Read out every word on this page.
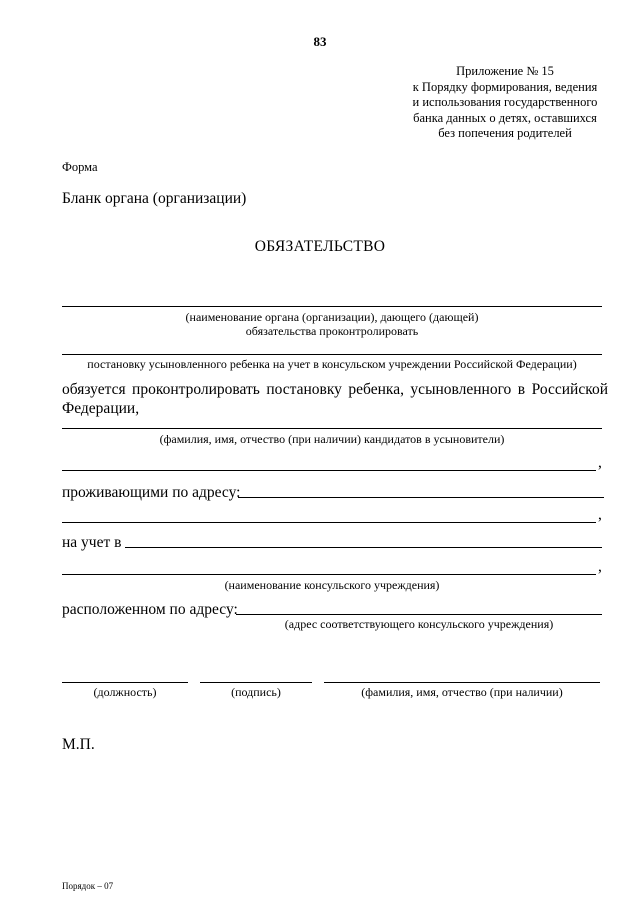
83
Приложение № 15
к Порядку формирования, ведения
и использования государственного
банка данных о детях, оставшихся
без попечения родителей
Форма
Бланк органа (организации)
ОБЯЗАТЕЛЬСТВО
(наименование органа (организации), дающего (дающей)
обязательства проконтролировать
постановку усыновленного ребенка на учет в консульском учреждении Российской Федерации)
обязуется проконтролировать постановку ребенка, усыновленного в Российской Федерации,
(фамилия, имя, отчество (при наличии) кандидатов в усыновители)
,
проживающими по адресу:
,
на учет в
,
(наименование консульского учреждения)
расположенном по адресу:
(адрес соответствующего консульского учреждения)
(должность)	(подпись)	(фамилия, имя, отчество (при наличии)
М.П.
Порядок – 07
